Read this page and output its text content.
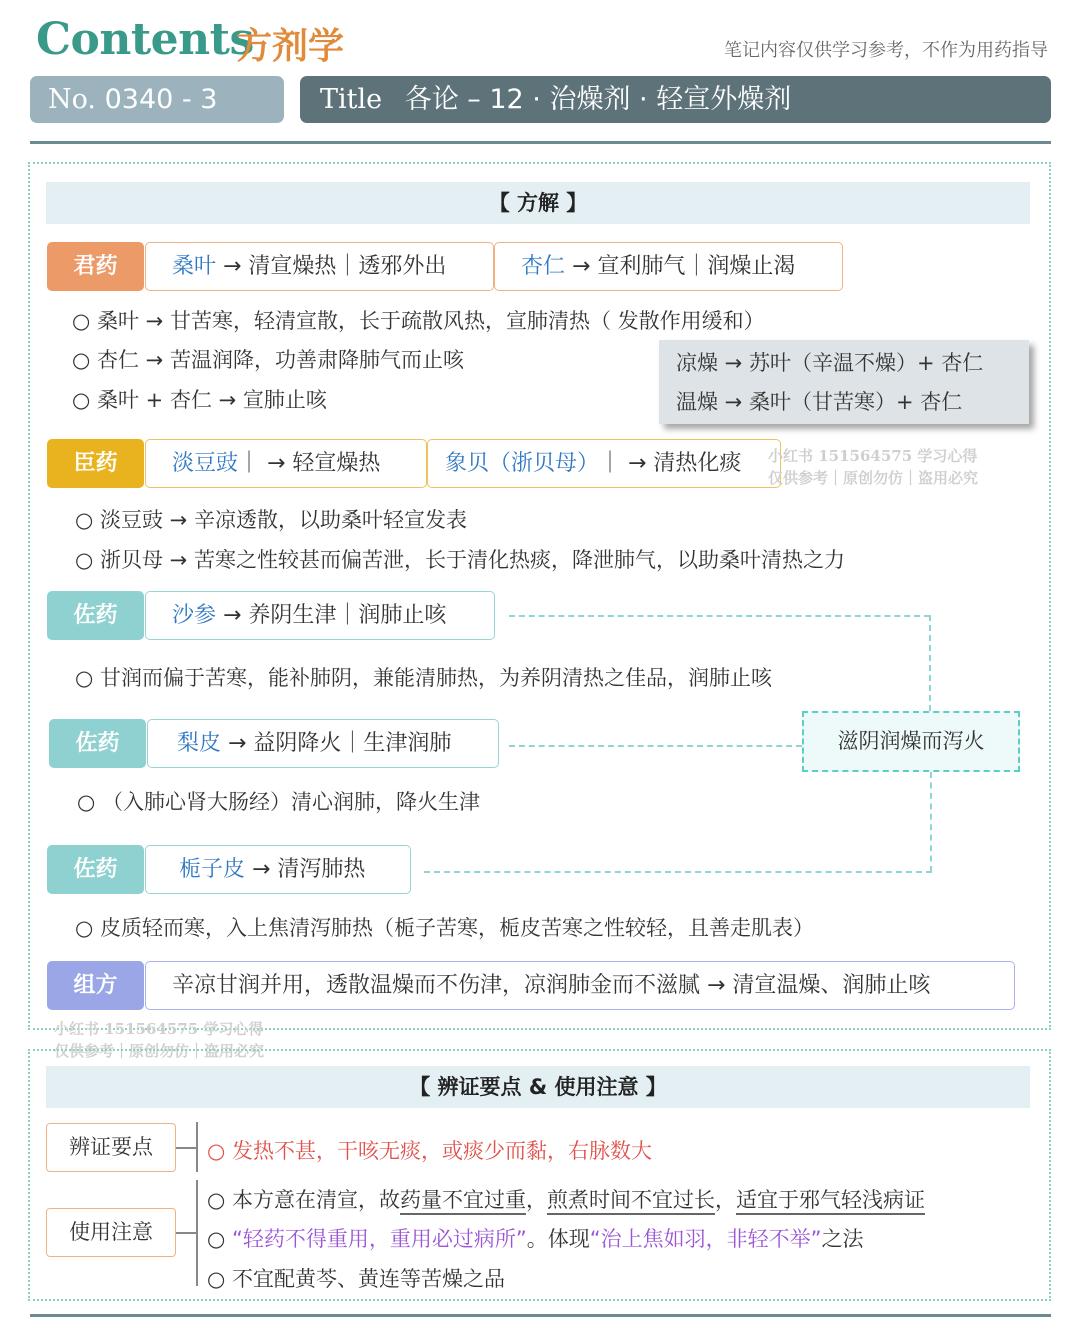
Contents
方剂学	笔记内容仅供学习参考，不作为用药指导
No. 0340 - 3	Title 各论 – 12 · 治燥剂 · 轻宣外燥剂
【 方解 】
君药	桑叶 → 清宣燥热｜透邪外出	杏仁 → 宣利肺气｜润燥止渴
○ 桑叶 → 甘苦寒，轻清宣散，长于疏散风热，宣肺清热（ 发散作用缓和）
○ 杏仁 → 苦温润降，功善肃降肺气而止咳
○ 桑叶 + 杏仁 → 宣肺止咳
凉燥 → 苏叶（辛温不燥）+ 杏仁
温燥 → 桑叶（甘苦寒）+ 杏仁
臣药	淡豆豉｜ → 轻宣燥热	象贝（浙贝母）｜ → 清热化痰
○ 淡豆豉 → 辛凉透散，以助桑叶轻宣发表
○ 浙贝母 → 苦寒之性较甚而偏苦泄，长于清化热痰，降泄肺气，以助桑叶清热之力
佐药	沙参 → 养阴生津｜润肺止咳
○ 甘润而偏于苦寒，能补肺阴，兼能清肺热，为养阴清热之佳品，润肺止咳
佐药	梨皮 → 益阴降火｜生津润肺
○ （入肺心肾大肠经）清心润肺，降火生津
佐药	栀子皮 → 清泻肺热
○ 皮质轻而寒，入上焦清泻肺热（栀子苦寒，栀皮苦寒之性较轻，且善走肌表）
滋阴润燥而泻火
组方	辛凉甘润并用，透散温燥而不伤津，凉润肺金而不滋腻 → 清宣温燥、润肺止咳
小红书 151564575 学习心得
仅供参考｜原创勿仿｜盗用必究
小红书 151564575 学习心得
仅供参考｜原创勿仿｜盗用必究
【 辨证要点 & 使用注意 】
辨证要点	○ 发热不甚，干咳无痰，或痰少而黏，右脉数大
使用注意
○ 本方意在清宣，故药量不宜过重，煎煮时间不宜过长，适宜于邪气轻浅病证
○ “轻药不得重用，重用必过病所”。体现“治上焦如羽，非轻不举”之法
○ 不宜配黄芩、黄连等苦燥之品
